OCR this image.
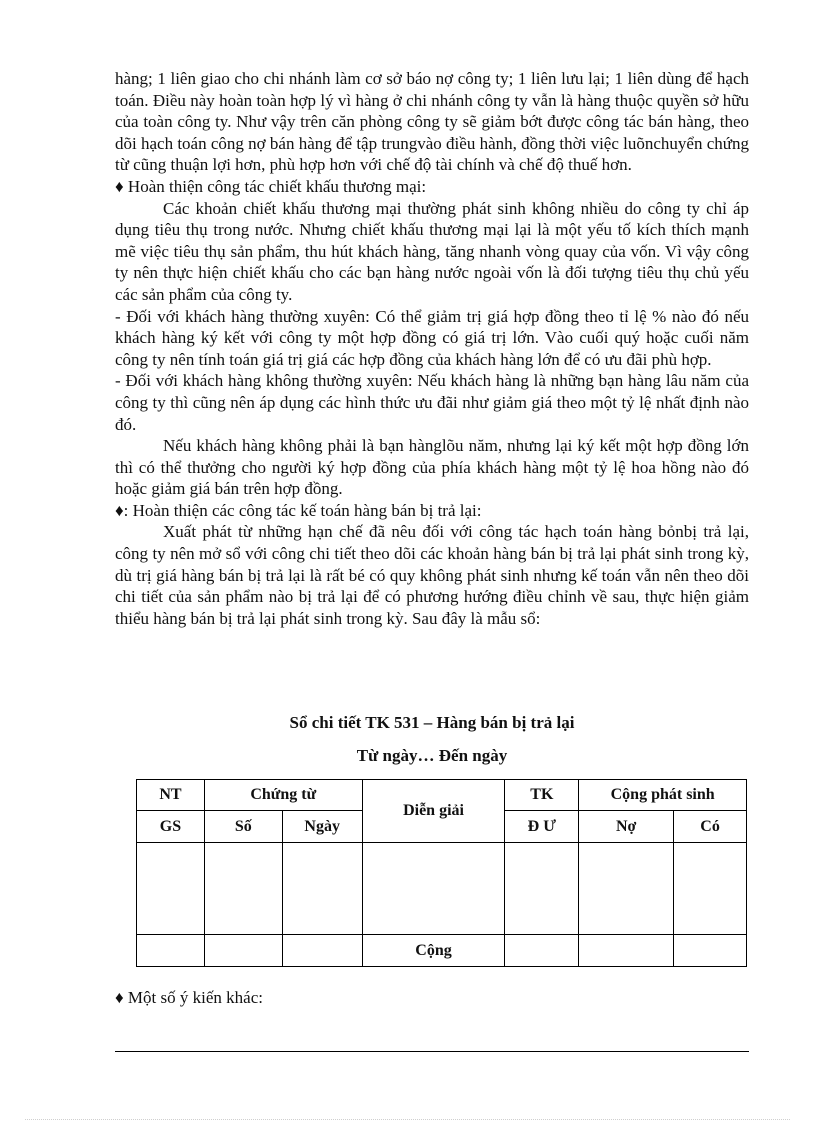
hàng; 1 liên giao cho chi nhánh làm cơ sở báo nợ công ty; 1 liên lưu lại; 1 liên dùng để hạch toán. Điều này hoàn toàn hợp lý vì hàng ở chi nhánh công ty vẫn là hàng thuộc quyền sở hữu của toàn công ty. Như vậy trên căn phòng công ty sẽ giảm bớt được công tác bán hàng, theo dõi hạch toán công nợ bán hàng để tập trungvào điều hành, đồng thời việc luõnchuyển chứng từ cũng thuận lợi hơn, phù hợp hơn với chế độ tài chính và chế độ thuế hơn.

♦ Hoàn thiện công tác chiết khấu thương mại:

Các khoản chiết khấu thương mại thường phát sinh không nhiều do công ty chỉ áp dụng tiêu thụ trong nước. Nhưng chiết khấu thương mại lại là một yếu tố kích thích mạnh mẽ việc tiêu thụ sản phẩm, thu hút khách hàng, tăng nhanh vòng quay của vốn. Vì vậy công ty nên thực hiện chiết khấu cho các bạn hàng nước ngoài vốn là đối tượng tiêu thụ chủ yếu các sản phẩm của công ty.

- Đối với khách hàng thường xuyên: Có thể giảm trị giá hợp đồng theo tỉ lệ % nào đó nếu khách hàng ký kết với công ty một hợp đồng có giá trị lớn. Vào cuối quý hoặc cuối năm công ty nên tính toán giá trị giá các hợp đồng của khách hàng lớn để có ưu đãi phù hợp.

- Đối với khách hàng không thường xuyên: Nếu khách hàng là những bạn hàng lâu năm của công ty thì cũng nên áp dụng các hình thức ưu đãi như giảm giá theo một tỷ lệ nhất định nào đó.

Nếu khách hàng không phải là bạn hànglõu năm, nhưng lại ký kết một hợp đồng lớn thì có thể thưởng cho người ký hợp đồng của phía khách hàng một tỷ lệ hoa hồng nào đó hoặc giảm giá bán trên hợp đồng.

♦: Hoàn thiện các công tác kế toán hàng bán bị trả lại:

Xuất phát từ những hạn chế đã nêu đối với công tác hạch toán hàng bỏnbị trả lại, công ty nên mở sổ với công chi tiết theo dõi các khoản hàng bán bị trả lại phát sinh trong kỳ, dù trị giá hàng bán bị trả lại là rất bé có quy không phát sinh nhưng kế toán vẫn nên theo dõi chi tiết của sản phẩm nào bị trả lại để có phương hướng điều chỉnh về sau, thực hiện giảm thiểu hàng bán bị trả lại phát sinh trong kỳ. Sau đây là mẫu sổ:

Sổ chi tiết TK 531 – Hàng bán bị trả lại
Từ ngày… Đến ngày
NT	Chứng từ		Diễn giải	TK	Cộng phát sinh	
GS	Số	Ngày		Đ Ư	Nợ	Có

			Cộng			
♦ Một số ý kiến khác:
